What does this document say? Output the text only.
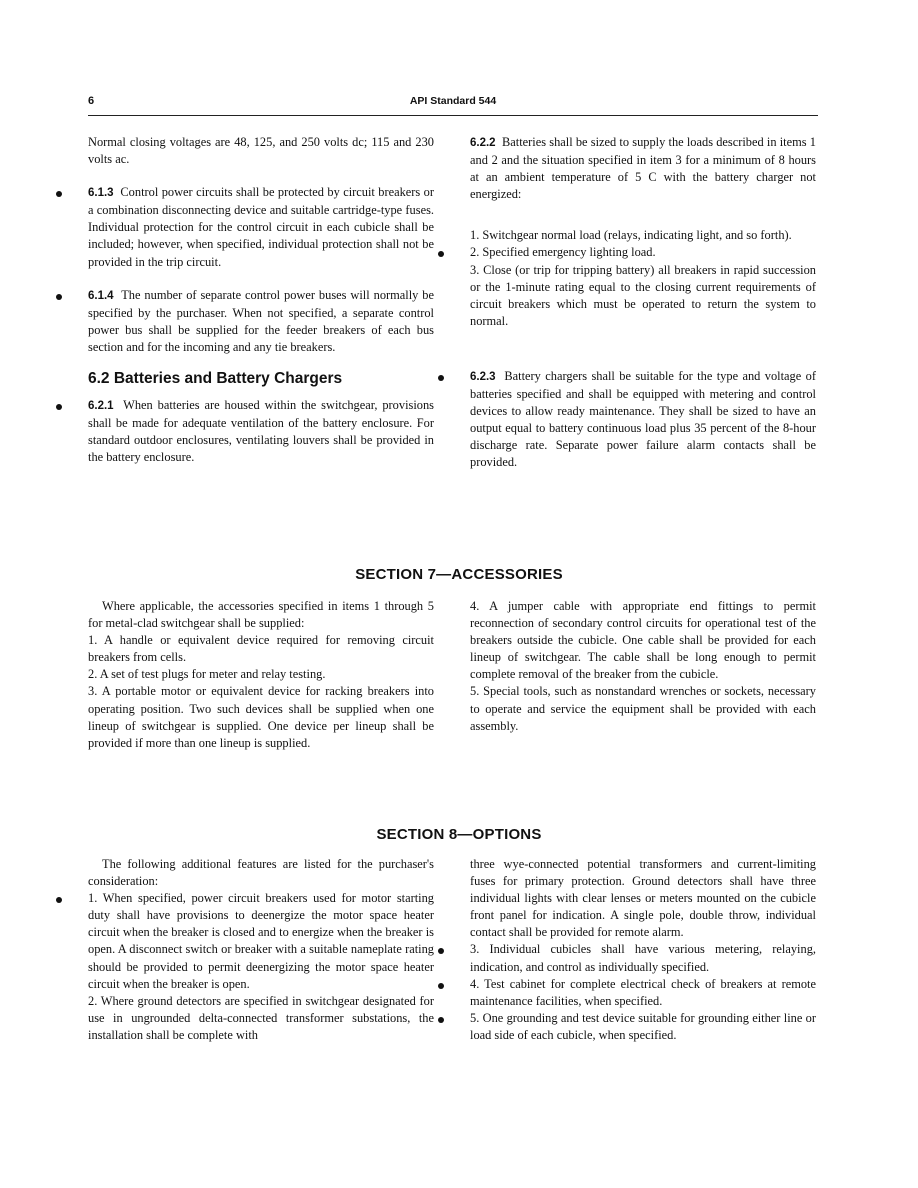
6	API Standard 544

Normal closing voltages are 48, 125, and 250 volts dc; 115 and 230 volts ac.

6.1.3 Control power circuits shall be protected by circuit breakers or a combination disconnecting device and suitable cartridge-type fuses. Individual protection for the control circuit in each cubicle shall be included; however, when specified, individual protection shall not be provided in the trip circuit.

6.1.4 The number of separate control power buses will normally be specified by the purchaser. When not specified, a separate control power bus shall be supplied for the feeder breakers of each bus section and for the incoming and any tie breakers.

6.2 Batteries and Battery Chargers

6.2.1 When batteries are housed within the switchgear, provisions shall be made for adequate ventilation of the battery enclosure. For standard outdoor enclosures, ventilating louvers shall be provided in the battery enclosure.

6.2.2 Batteries shall be sized to supply the loads described in items 1 and 2 and the situation specified in item 3 for a minimum of 8 hours at an ambient temperature of 5 C with the battery charger not energized:

1. Switchgear normal load (relays, indicating light, and so forth).

2. Specified emergency lighting load.

3. Close (or trip for tripping battery) all breakers in rapid succession or the 1-minute rating equal to the closing current requirements of circuit breakers which must be operated to return the system to normal.

6.2.3 Battery chargers shall be suitable for the type and voltage of batteries specified and shall be equipped with metering and control devices to allow ready maintenance. They shall be sized to have an output equal to battery continuous load plus 35 percent of the 8-hour discharge rate. Separate power failure alarm contacts shall be provided.

SECTION 7—ACCESSORIES

Where applicable, the accessories specified in items 1 through 5 for metal-clad switchgear shall be supplied:

1. A handle or equivalent device required for removing circuit breakers from cells.

2. A set of test plugs for meter and relay testing.

3. A portable motor or equivalent device for racking breakers into operating position. Two such devices shall be supplied when one lineup of switchgear is supplied. One device per lineup shall be provided if more than one lineup is supplied.

4. A jumper cable with appropriate end fittings to permit reconnection of secondary control circuits for operational test of the breakers outside the cubicle. One cable shall be provided for each lineup of switchgear. The cable shall be long enough to permit complete removal of the breaker from the cubicle.

5. Special tools, such as nonstandard wrenches or sockets, necessary to operate and service the equipment shall be provided with each assembly.

SECTION 8—OPTIONS

The following additional features are listed for the purchaser's consideration:

1. When specified, power circuit breakers used for motor starting duty shall have provisions to deenergize the motor space heater circuit when the breaker is closed and to energize when the breaker is open. A disconnect switch or breaker with a suitable nameplate rating should be provided to permit deenergizing the motor space heater circuit when the breaker is open.

2. Where ground detectors are specified in switchgear designated for use in ungrounded delta-connected transformer substations, the installation shall be complete with

three wye-connected potential transformers and current-limiting fuses for primary protection. Ground detectors shall have three individual lights with clear lenses or meters mounted on the cubicle front panel for indication. A single pole, double throw, individual contact shall be provided for remote alarm.

3. Individual cubicles shall have various metering, relaying, indication, and control as individually specified.

4. Test cabinet for complete electrical check of breakers at remote maintenance facilities, when specified.

5. One grounding and test device suitable for grounding either line or load side of each cubicle, when specified.
